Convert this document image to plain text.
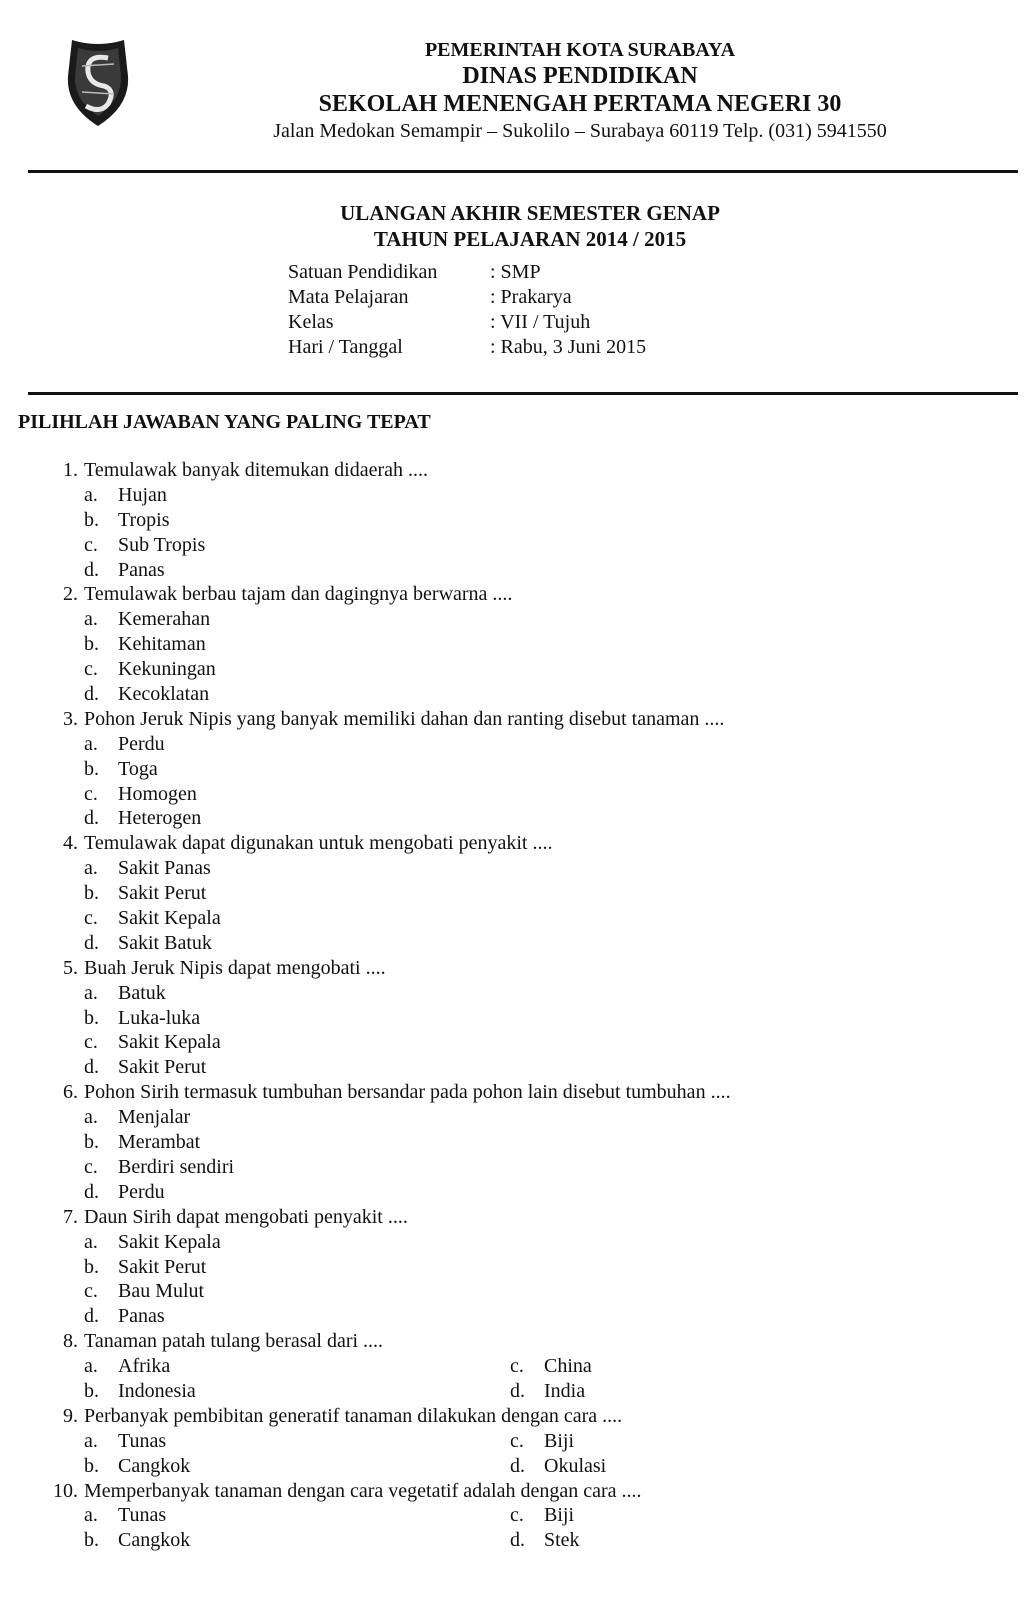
PEMERINTAH KOTA SURABAYA
DINAS PENDIDIKAN
SEKOLAH MENENGAH PERTAMA NEGERI 30
Jalan Medokan Semampir – Sukolilo – Surabaya 60119 Telp. (031) 5941550
ULANGAN AKHIR SEMESTER GENAP
TAHUN PELAJARAN 2014 / 2015
Satuan Pendidikan	: SMP
Mata Pelajaran	: Prakarya
Kelas	: VII / Tujuh
Hari / Tanggal	: Rabu, 3 Juni 2015
PILIHLAH JAWABAN YANG PALING TEPAT
1. Temulawak banyak ditemukan didaerah ....
a.	Hujan
b. Tropis
c.	Sub Tropis
d. Panas
2. Temulawak berbau tajam dan dagingnya berwarna ....
a.	Kemerahan
b. Kehitaman
c.	Kekuningan
d. Kecoklatan
3. Pohon Jeruk Nipis yang banyak memiliki dahan dan ranting disebut tanaman ....
a.	Perdu
b. Toga
c.	Homogen
d. Heterogen
4. Temulawak dapat digunakan untuk mengobati penyakit ....
a.	Sakit Panas
b. Sakit Perut
c.	Sakit Kepala
d. Sakit Batuk
5. Buah Jeruk Nipis dapat mengobati ....
a.	Batuk
b. Luka-luka
c.	Sakit Kepala
d. Sakit Perut
6. Pohon Sirih termasuk tumbuhan bersandar pada pohon lain disebut tumbuhan ....
a.	Menjalar
b. Merambat
c.	Berdiri sendiri
d. Perdu
7. Daun Sirih dapat mengobati penyakit ....
a.	Sakit Kepala
b. Sakit Perut
c.	Bau Mulut
d. Panas
8. Tanaman patah tulang berasal dari ....
a.	Afrika	c.	China
b. Indonesia	d. India
9. Perbanyak pembibitan generatif tanaman dilakukan dengan cara ....
a.	Tunas	c.	Biji
b. Cangkok	d. Okulasi
10. Memperbanyak tanaman dengan cara vegetatif adalah dengan cara ....
a.	Tunas	c.	Biji
b. Cangkok	d. Stek
